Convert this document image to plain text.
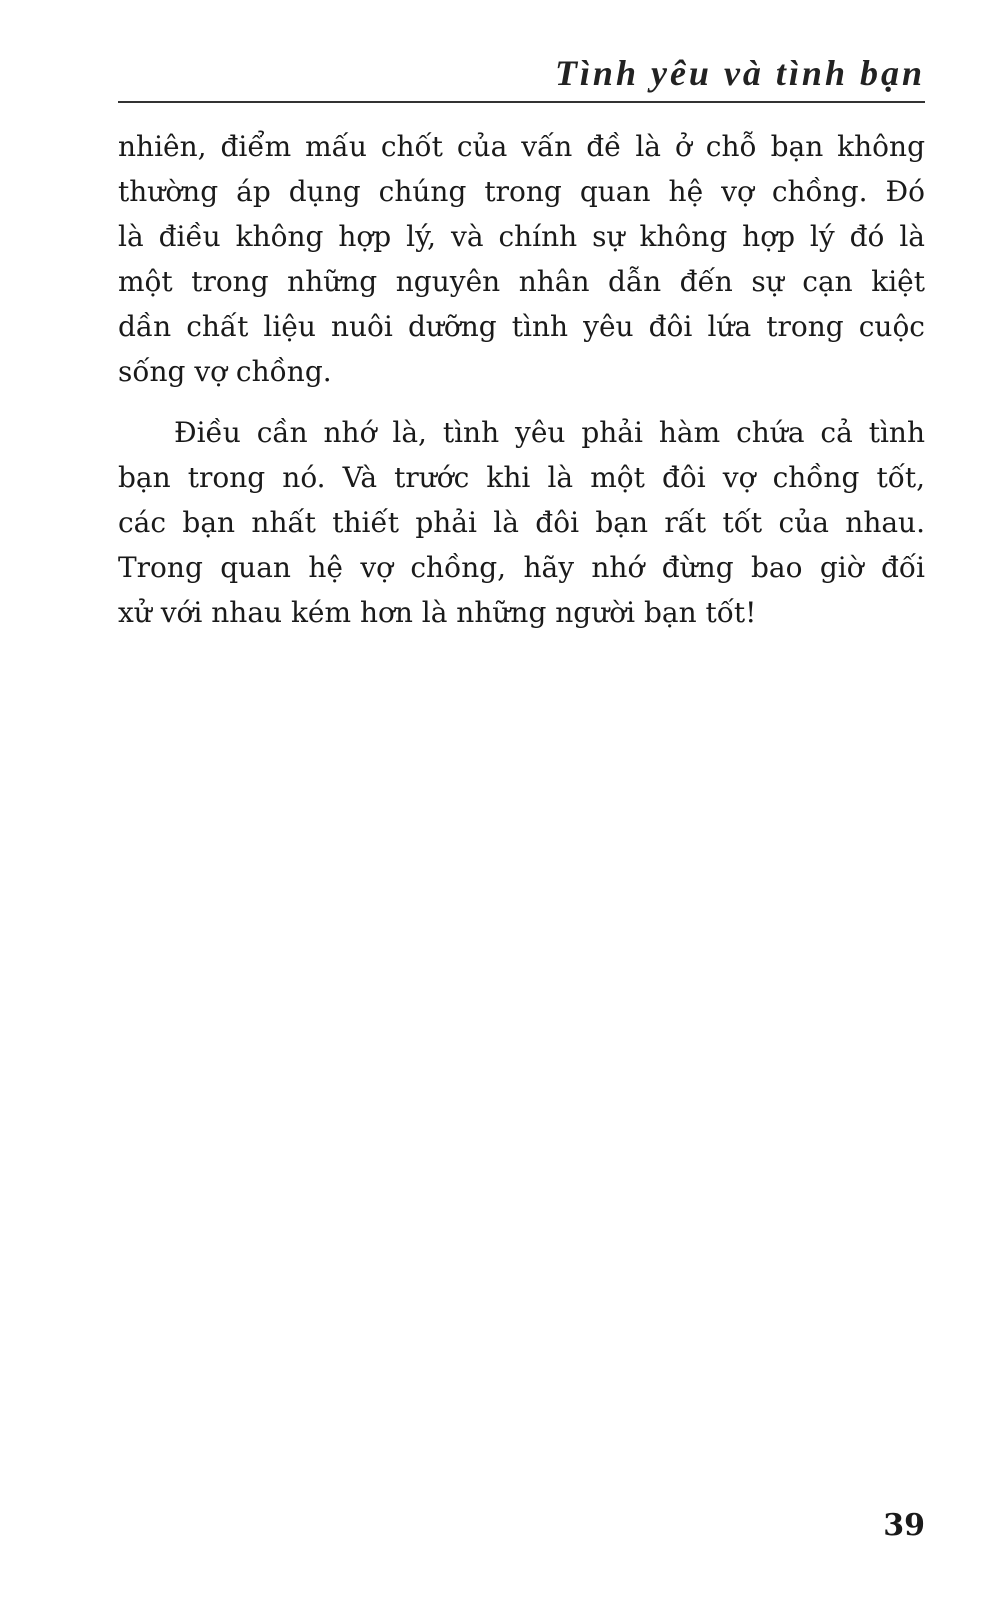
Tình yêu và tình bạn

nhiên, điểm mấu chốt của vấn đề là ở chỗ bạn không
thường áp dụng chúng trong quan hệ vợ chồng. Đó
là điều không hợp lý, và chính sự không hợp lý đó là
một trong những nguyên nhân dẫn đến sự cạn kiệt
dần chất liệu nuôi dưỡng tình yêu đôi lứa trong cuộc
sống vợ chồng.

Điều cần nhớ là, tình yêu phải hàm chứa cả tình
bạn trong nó. Và trước khi là một đôi vợ chồng tốt,
các bạn nhất thiết phải là đôi bạn rất tốt của nhau.
Trong quan hệ vợ chồng, hãy nhớ đừng bao giờ đối
xử với nhau kém hơn là những người bạn tốt!

39
